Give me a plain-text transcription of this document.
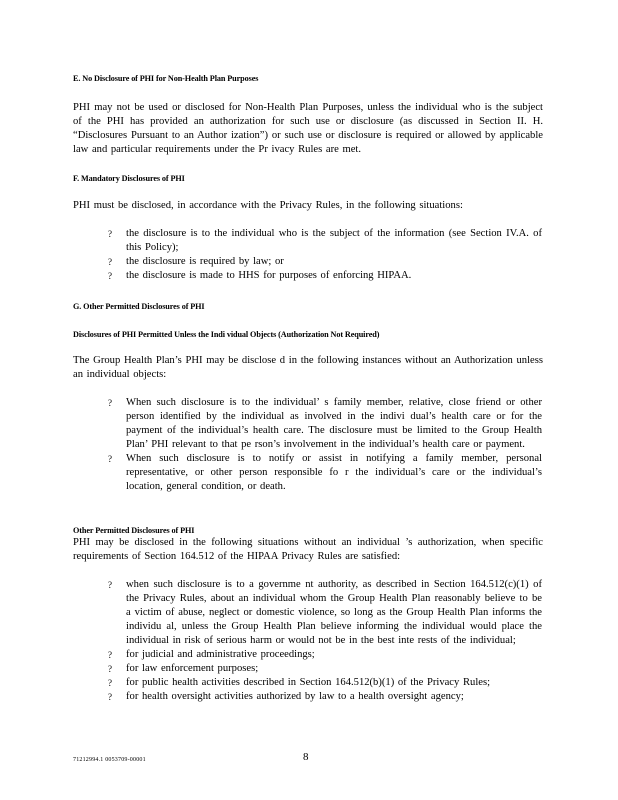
E. No Disclosure of PHI for Non-Health Plan Purposes
PHI may not be used or disclosed for Non-Health Plan Purposes, unless the individual who is the subject of the PHI has provided an authorization for such use or disclosure (as discussed in Section II. H. “Disclosures Pursuant to an Author ization”) or such use or disclosure is required or allowed by applicable law and particular requirements under the Pr ivacy Rules are met.
F. Mandatory Disclosures of PHI
PHI must be disclosed, in accordance with the Privacy Rules, in the following situations:
? the disclosure is to the individual who is the subject of the information (see Section IV.A. of this Policy);
? the disclosure is required by law; or
? the disclosure is made to HHS for purposes of enforcing HIPAA.
G. Other Permitted Disclosures of PHI
Disclosures of PHI Permitted Unless the Indi vidual Objects (Authorization Not Required)
The Group Health Plan’s PHI may be disclose d in the following instances without an Authorization unless an individual objects:
? When such disclosure is to the individual’ s family member, relative, close friend or other person identified by the individual as involved in the indivi dual’s health care or for the payment of the individual’s health care. The disclosure must be limited to the Group Health Plan’ PHI relevant to that pe rson’s involvement in the individual’s health care or payment.
? When such disclosure is to notify or assist in notifying a family member, personal representative, or other person responsible fo r the individual’s care or the individual’s location, general condition, or death.
Other Permitted Disclosures of PHI
PHI may be disclosed in the following situations without an individual ’s authorization, when specific requirements of Section 164.512 of the HIPAA Privacy Rules are satisfied:
? when such disclosure is to a governme nt authority, as described in Section 164.512(c)(1) of the Privacy Rules, about an individual whom the Group Health Plan reasonably believe to be a victim of abuse, neglect or domestic violence, so long as the Group Health Plan informs the individu al, unless the Group Health Plan believe informing the individual would place the individual in risk of serious harm or would not be in the best inte rests of the individual;
? for judicial and administrative proceedings;
? for law enforcement purposes;
? for public health activities described in Section 164.512(b)(1) of the Privacy Rules;
? for health oversight activities authorized by law to a health oversight agency;
71212994.1 0053709-00001	8
